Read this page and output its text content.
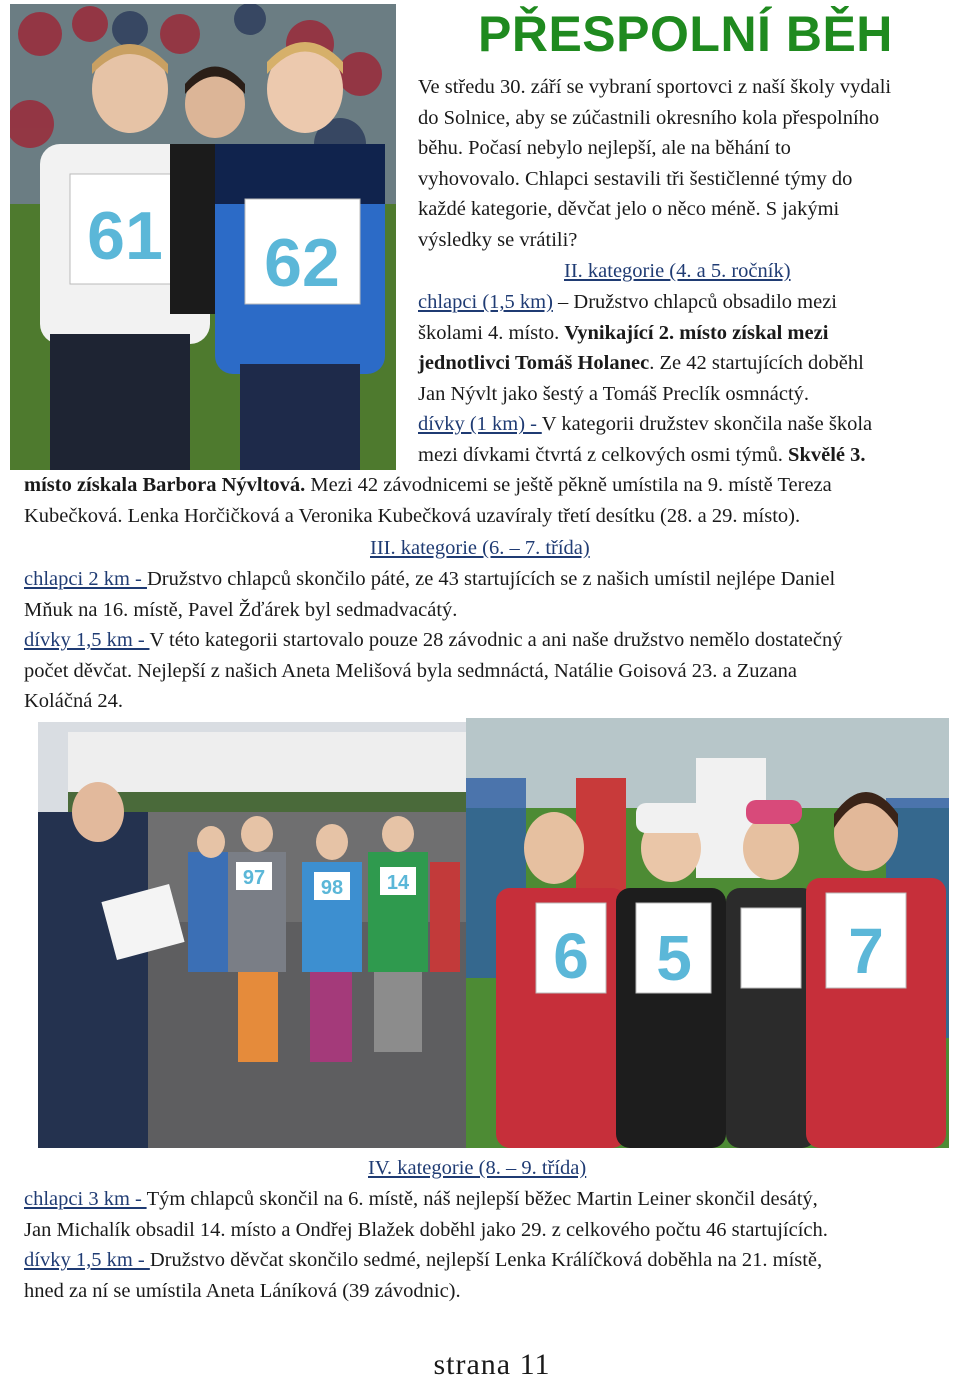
PŘESPOLNÍ BĚH
61 62
Ve středu 30. září se vybraní sportovci z naší školy vydali
do Solnice, aby se zúčastnili okresního kola přespolního
běhu. Počasí nebylo nejlepší, ale na běhání to
vyhovovalo. Chlapci sestavili tři šestičlenné týmy do
každé kategorie, děvčat jelo o něco méně. S jakými
výsledky se vrátili?
II. kategorie (4. a 5. ročník)
chlapci (1,5 km) – Družstvo chlapců obsadilo mezi
školami 4. místo. Vynikající 2. místo získal mezi
jednotlivci Tomáš Holanec. Ze 42 startujících doběhl
Jan Nývlt jako šestý a Tomáš Preclík osmnáctý.
dívky (1 km) - V kategorii družstev skončila naše škola
mezi dívkami čtvrtá z celkových osmi týmů. Skvělé 3.
místo získala Barbora Nývltová. Mezi 42 závodnicemi se ještě pěkně umístila na 9. místě Tereza
Kubečková. Lenka Horčičková a Veronika Kubečková uzavíraly třetí desítku (28. a 29. místo).
III. kategorie (6. – 7. třída)
chlapci 2 km - Družstvo chlapců skončilo páté, ze 43 startujících se z našich umístil nejlépe Daniel
Mňuk na 16. místě, Pavel Žďárek byl sedmadvacátý.
dívky 1,5 km - V této kategorii startovalo pouze 28 závodnic a ani naše družstvo nemělo dostatečný
počet děvčat. Nejlepší z našich Aneta Melišová byla sedmnáctá, Natálie Goisová 23. a Zuzana
Koláčná 24.
97	98 14
6 5 7
IV. kategorie (8. – 9. třída)
chlapci 3 km - Tým chlapců skončil na 6. místě, náš nejlepší běžec Martin Leiner skončil desátý,
Jan Michalík obsadil 14. místo a Ondřej Blažek doběhl jako 29. z celkového počtu 46 startujících.
dívky 1,5 km - Družstvo děvčat skončilo sedmé, nejlepší Lenka Králíčková doběhla na 21. místě,
hned za ní se umístila Aneta Láníková (39 závodnic).
strana 11
